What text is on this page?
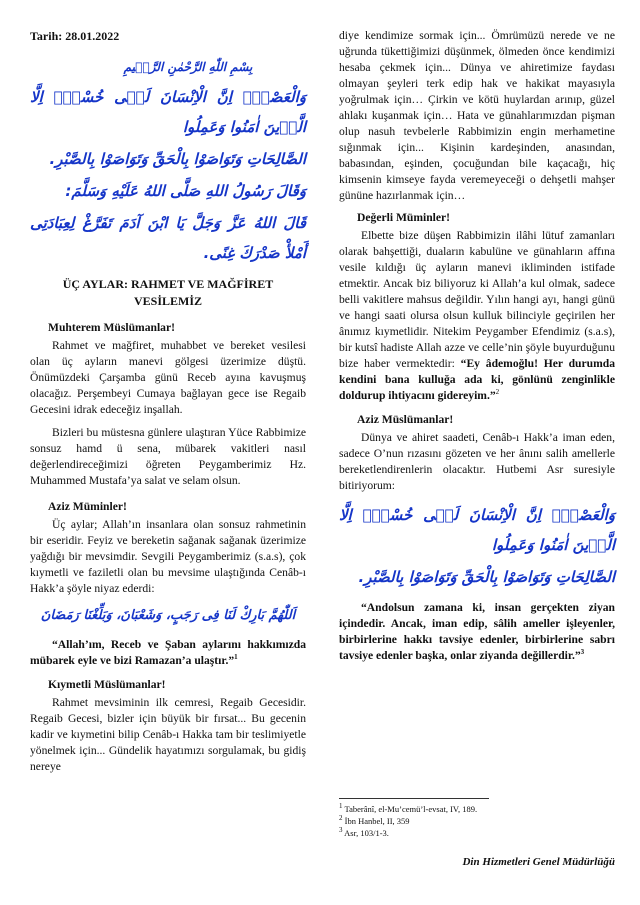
Tarih: 28.01.2022
بِسْمِ اللّٰهِ الرَّحْمٰنِ الرَّحٖيمِ
وَالْعَصْرِۙ اِنَّ الْاِنْسَانَ لَفٖى خُسْرٍۙ اِلَّا الَّذٖينَ اٰمَنُوا وَعَمِلُوا
الصَّالِحَاتِ وَتَوَاصَوْا بِالْحَقِّ وَتَوَاصَوْا بِالصَّبْرِ.
وَقَالَ رَسُولُ اللهِ صَلَّى اللهُ عَلَيْهِ وَسَلَّمَ:
قَالَ اللهُ عَزَّ وَجَلَّ يَا ابْنَ آدَمَ تَفَرَّغْ لِعِبَادَتِى أَمْلأْ صَدْرَكَ غِنًى.
ÜÇ AYLAR: RAHMET VE MAĞFİRET VESİLEMİZ
Muhterem Müslümanlar!

Rahmet ve mağfiret, muhabbet ve bereket vesilesi olan üç ayların manevi gölgesi üzerimize düştü. Önümüzdeki Çarşamba günü Receb ayına kavuşmuş olacağız. Perşembeyi Cumaya bağlayan gece ise Regaib Gecesini idrak edeceğiz inşallah.

Bizleri bu müstesna günlere ulaştıran Yüce Rabbimize sonsuz hamd ü sena, mübarek vakitleri nasıl değerlendireceğimizi öğreten Peygamberimiz Hz. Muhammed Mustafa’ya salat ve selam olsun.

Aziz Müminler!

Üç aylar; Allah’ın insanlara olan sonsuz rahmetinin bir eseridir. Feyiz ve bereketin sağanak sağanak üzerimize yağdığı bir mevsimdir. Sevgili Peygamberimiz (s.a.s), çok kıymetli ve faziletli olan bu mevsime ulaştığında Cenâb-ı Hakk’a şöyle niyaz ederdi:

اَللّٰهُمَّ بَارِكْ لَنَا فِى رَجَبٍ، وَشَعْبَانَ، وَبَلِّغْنَا رَمَضَانَ

“Allah’ım, Receb ve Şaban aylarını hakkımızda mübarek eyle ve bizi Ramazan’a ulaştır.”$^1$

Kıymetli Müslümanlar!

Rahmet mevsiminin ilk cemresi, Regaib Gecesidir. Regaib Gecesi, bizler için büyük bir fırsat... Bu gecenin kadir ve kıymetini bilip Cenâb-ı Hakka tam bir teslimiyetle yönelmek için... Gündelik hayatımızı sorgulamak, bu gidiş nereye

diye kendimize sormak için... Ömrümüzü nerede ve ne uğrunda tükettiğimizi düşünmek, ölmeden önce kendimizi hesaba çekmek için... Dünya ve ahiretimize faydası olmayan şeyleri terk edip hak ve hakikat mayasıyla yoğrulmak için… Çirkin ve kötü huylardan arınıp, güzel ahlakı kuşanmak için… Hata ve günahlarımızdan pişman olup nasuh tevbelerle Rabbimizin engin merhametine sığınmak için... Kişinin kardeşinden, anasından, babasından, eşinden, çocuğundan bile kaçacağı, hiç kimsenin kimseye fayda veremeyeceği o dehşetli mahşer gününe hazırlanmak için…

Değerli Müminler!

Elbette bize düşen Rabbimizin ilâhi lütuf zamanları olarak bahşettiği, duaların kabulüne ve günahların affına vesile kıldığı üç ayların manevi ikliminden istifade etmektir. Ancak biz biliyoruz ki Allah’a kul olmak, sadece belli vakitlere mahsus değildir. Yılın hangi ayı, hangi günü ve hangi saati olursa olsun kulluk bilinciyle geçirilen her ânımız kıymetlidir. Nitekim Peygamber Efendimiz (s.a.s), bir kutsî hadiste Allah azze ve celle’nin şöyle buyurduğunu bize haber vermektedir: “Ey âdemoğlu! Her durumda kendini bana kulluğa ada ki, gönlünü zenginlikle doldurup ihtiyacını gidereyim.”$^2$

Aziz Müslümanlar!

Dünya ve ahiret saadeti, Cenâb-ı Hakk’a iman eden, sadece O’nun rızasını gözeten ve her ânını salih amellerle bereketlendirenlerin olacaktır. Hutbemi Asr suresiyle bitiriyorum:

وَالْعَصْرِۙ اِنَّ الْاِنْسَانَ لَفٖى خُسْرٍۙ اِلَّا الَّذٖينَ اٰمَنُوا وَعَمِلُوا
الصَّالِحَاتِ وَتَوَاصَوْا بِالْحَقِّ وَتَوَاصَوْا بِالصَّبْرِ.

“Andolsun zamana ki, insan gerçekten ziyan içindedir. Ancak, iman edip, sâlih ameller işleyenler, birbirlerine hakkı tavsiye edenler, birbirlerine sabrı tavsiye edenler başka, onlar ziyanda değillerdir.”$^3$

$^1$ Taberânî, el-Mu’cemü’l-evsat, IV, 189.

$^2$ İbn Hanbel, II, 359

$^3$ Asr, 103/1-3.

Din Hizmetleri Genel Müdürlüğü
